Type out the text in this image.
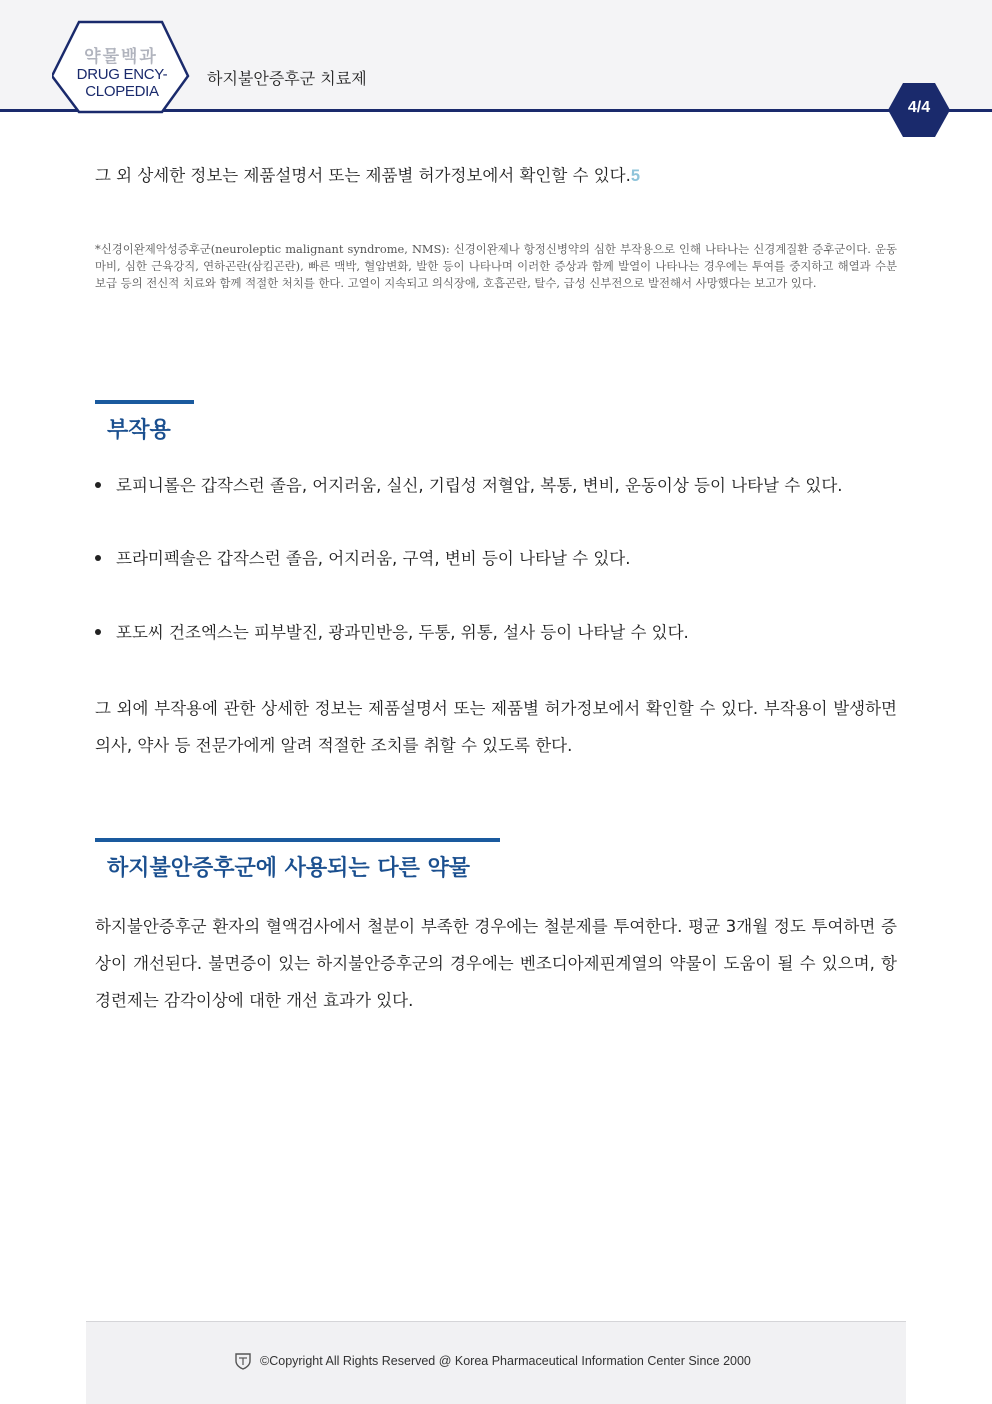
약물백과
DRUG ENCY-
CLOPEDIA
하지불안증후군 치료제
4/4
그 외 상세한 정보는 제품설명서 또는 제품별 허가정보에서 확인할 수 있다.5
*신경이완제악성증후군(neuroleptic malignant syndrome, NMS): 신경이완제나 항정신병약의 심한 부작용으로 인해 나타나는 신경계질환 증후군이다. 운동 마비, 심한 근육강직, 연하곤란(삼킴곤란), 빠른 맥박, 혈압변화, 발한 등이 나타나며 이러한 증상과 함께 발열이 나타나는 경우에는 투여를 중지하고 해열과 수분 보급 등의 전신적 치료와 함께 적절한 처치를 한다. 고열이 지속되고 의식장애, 호흡곤란, 탈수, 급성 신부전으로 발전해서 사망했다는 보고가 있다.
부작용
로피니롤은 갑작스런 졸음, 어지러움, 실신, 기립성 저혈압, 복통, 변비, 운동이상 등이 나타날 수 있다.
프라미펙솔은 갑작스런 졸음, 어지러움, 구역, 변비 등이 나타날 수 있다.
포도씨 건조엑스는 피부발진, 광과민반응, 두통, 위통, 설사 등이 나타날 수 있다.
그 외에 부작용에 관한 상세한 정보는 제품설명서 또는 제품별 허가정보에서 확인할 수 있다. 부작용이 발생하면 의사, 약사 등 전문가에게 알려 적절한 조치를 취할 수 있도록 한다.
하지불안증후군에 사용되는 다른 약물
하지불안증후군 환자의 혈액검사에서 철분이 부족한 경우에는 철분제를 투여한다. 평균 3개월 정도 투여하면 증상이 개선된다. 불면증이 있는 하지불안증후군의 경우에는 벤조디아제핀계열의 약물이 도움이 될 수 있으며, 항경련제는 감각이상에 대한 개선 효과가 있다.
©Copyright All Rights Reserved @ Korea Pharmaceutical Information Center Since 2000
